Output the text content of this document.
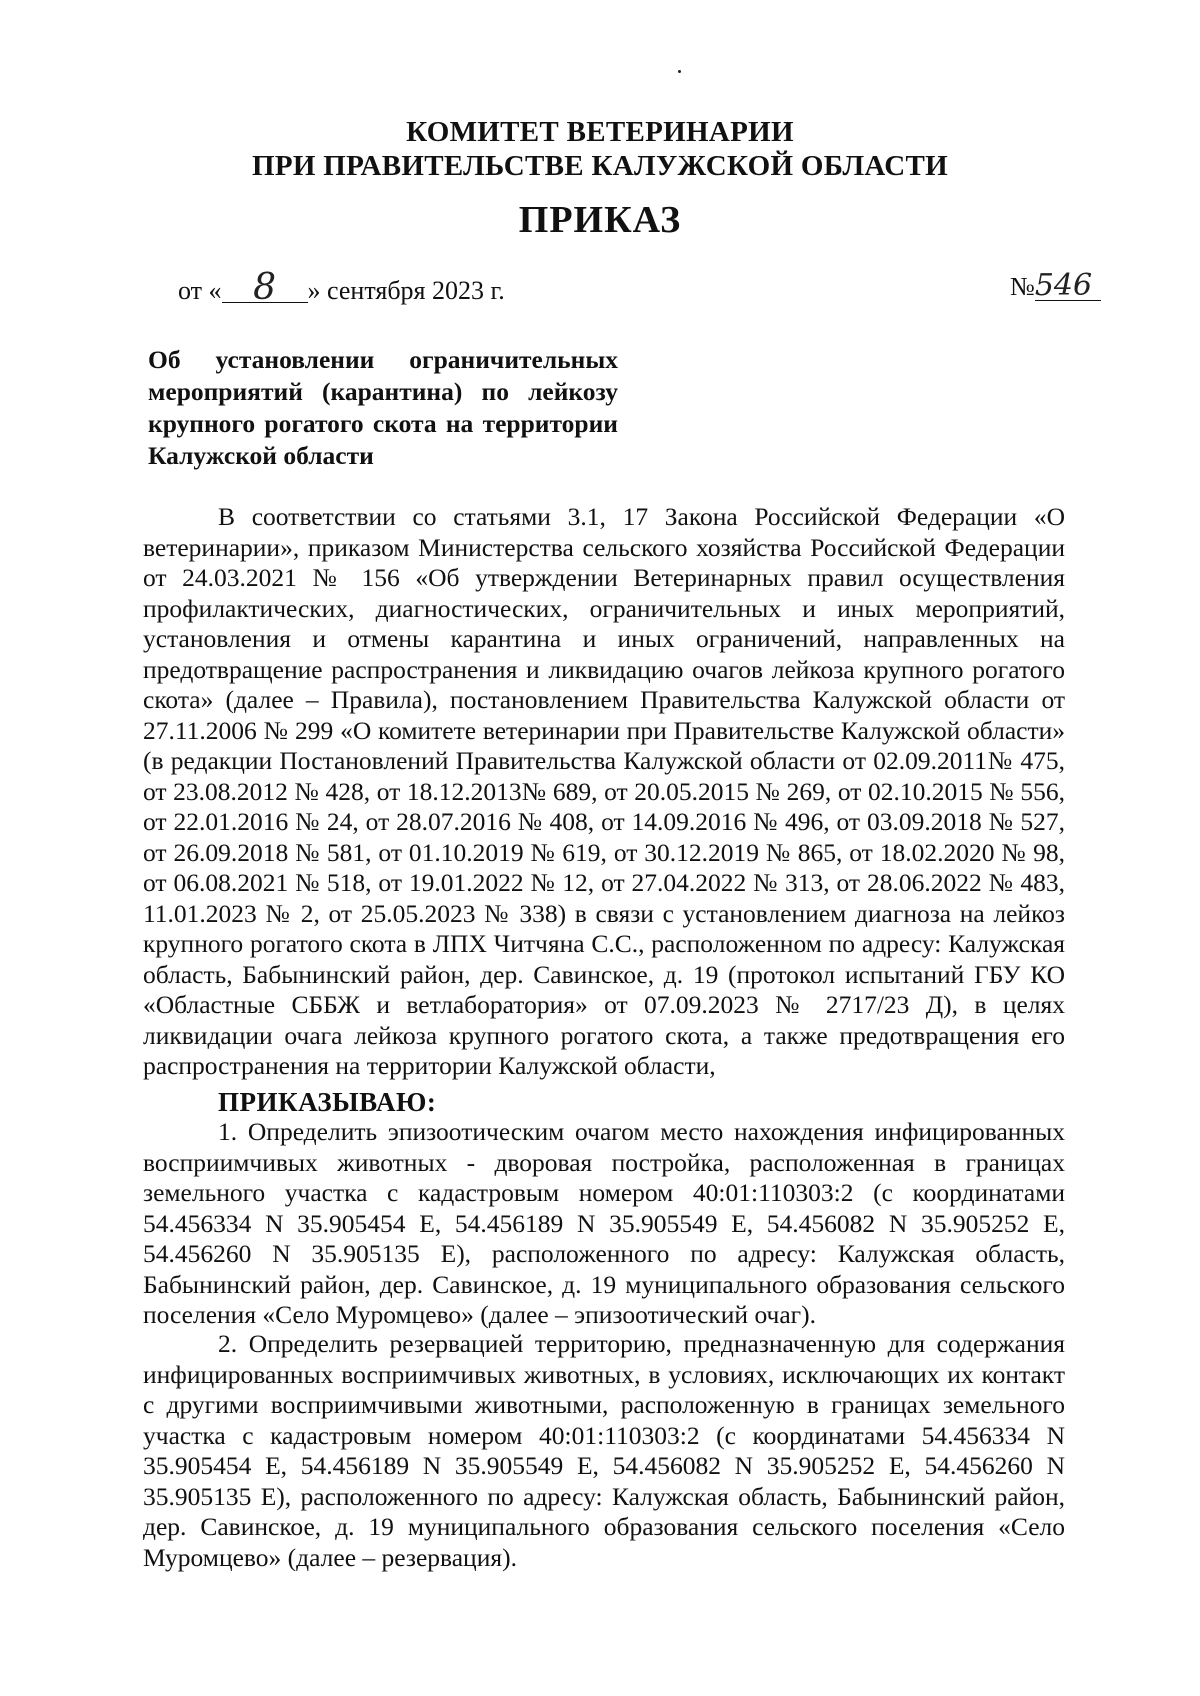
КОМИТЕТ ВЕТЕРИНАРИИ
ПРИ ПРАВИТЕЛЬСТВЕ КАЛУЖСКОЙ ОБЛАСТИ
ПРИКАЗ
от « 8 » сентября 2023 г.	№546
Об установлении ограничительных мероприятий (карантина) по лейкозу крупного рогатого скота на территории Калужской области
В соответствии со статьями 3.1, 17 Закона Российской Федерации «О ветеринарии», приказом Министерства сельского хозяйства Российской Федерации от 24.03.2021 № 156 «Об утверждении Ветеринарных правил осуществления профилактических, диагностических, ограничительных и иных мероприятий, установления и отмены карантина и иных ограничений, направленных на предотвращение распространения и ликвидацию очагов лейкоза крупного рогатого скота» (далее – Правила), постановлением Правительства Калужской области от 27.11.2006 № 299 «О комитете ветеринарии при Правительстве Калужской области» (в редакции Постановлений Правительства Калужской области от 02.09.2011№ 475, от 23.08.2012 № 428, от 18.12.2013№ 689, от 20.05.2015 № 269, от 02.10.2015 № 556, от 22.01.2016 № 24, от 28.07.2016 № 408, от 14.09.2016 № 496, от 03.09.2018 № 527, от 26.09.2018 № 581, от 01.10.2019 № 619, от 30.12.2019 № 865, от 18.02.2020 № 98, от 06.08.2021 № 518, от 19.01.2022 № 12, от 27.04.2022 № 313, от 28.06.2022 № 483, 11.01.2023 № 2, от 25.05.2023 № 338) в связи с установлением диагноза на лейкоз крупного рогатого скота в ЛПХ Читчяна С.С., расположенном по адресу: Калужская область, Бабынинский район, дер. Савинское, д. 19 (протокол испытаний ГБУ КО «Областные СББЖ и ветлаборатория» от 07.09.2023 № 2717/23 Д), в целях ликвидации очага лейкоза крупного рогатого скота, а также предотвращения его распространения на территории Калужской области,
ПРИКАЗЫВАЮ:
1. Определить эпизоотическим очагом место нахождения инфицированных восприимчивых животных - дворовая постройка, расположенная в границах земельного участка с кадастровым номером 40:01:110303:2 (с координатами 54.456334 N 35.905454 E, 54.456189 N 35.905549 E, 54.456082 N 35.905252 E, 54.456260 N 35.905135 E), расположенного по адресу: Калужская область, Бабынинский район, дер. Савинское, д. 19 муниципального образования сельского поселения «Село Муромцево» (далее – эпизоотический очаг).
2. Определить резервацией территорию, предназначенную для содержания инфицированных восприимчивых животных, в условиях, исключающих их контакт с другими восприимчивыми животными, расположенную в границах земельного участка с кадастровым номером 40:01:110303:2 (с координатами 54.456334 N 35.905454 E, 54.456189 N 35.905549 E, 54.456082 N 35.905252 E, 54.456260 N 35.905135 E), расположенного по адресу: Калужская область, Бабынинский район, дер. Савинское, д. 19 муниципального образования сельского поселения «Село Муромцево» (далее – резервация).
